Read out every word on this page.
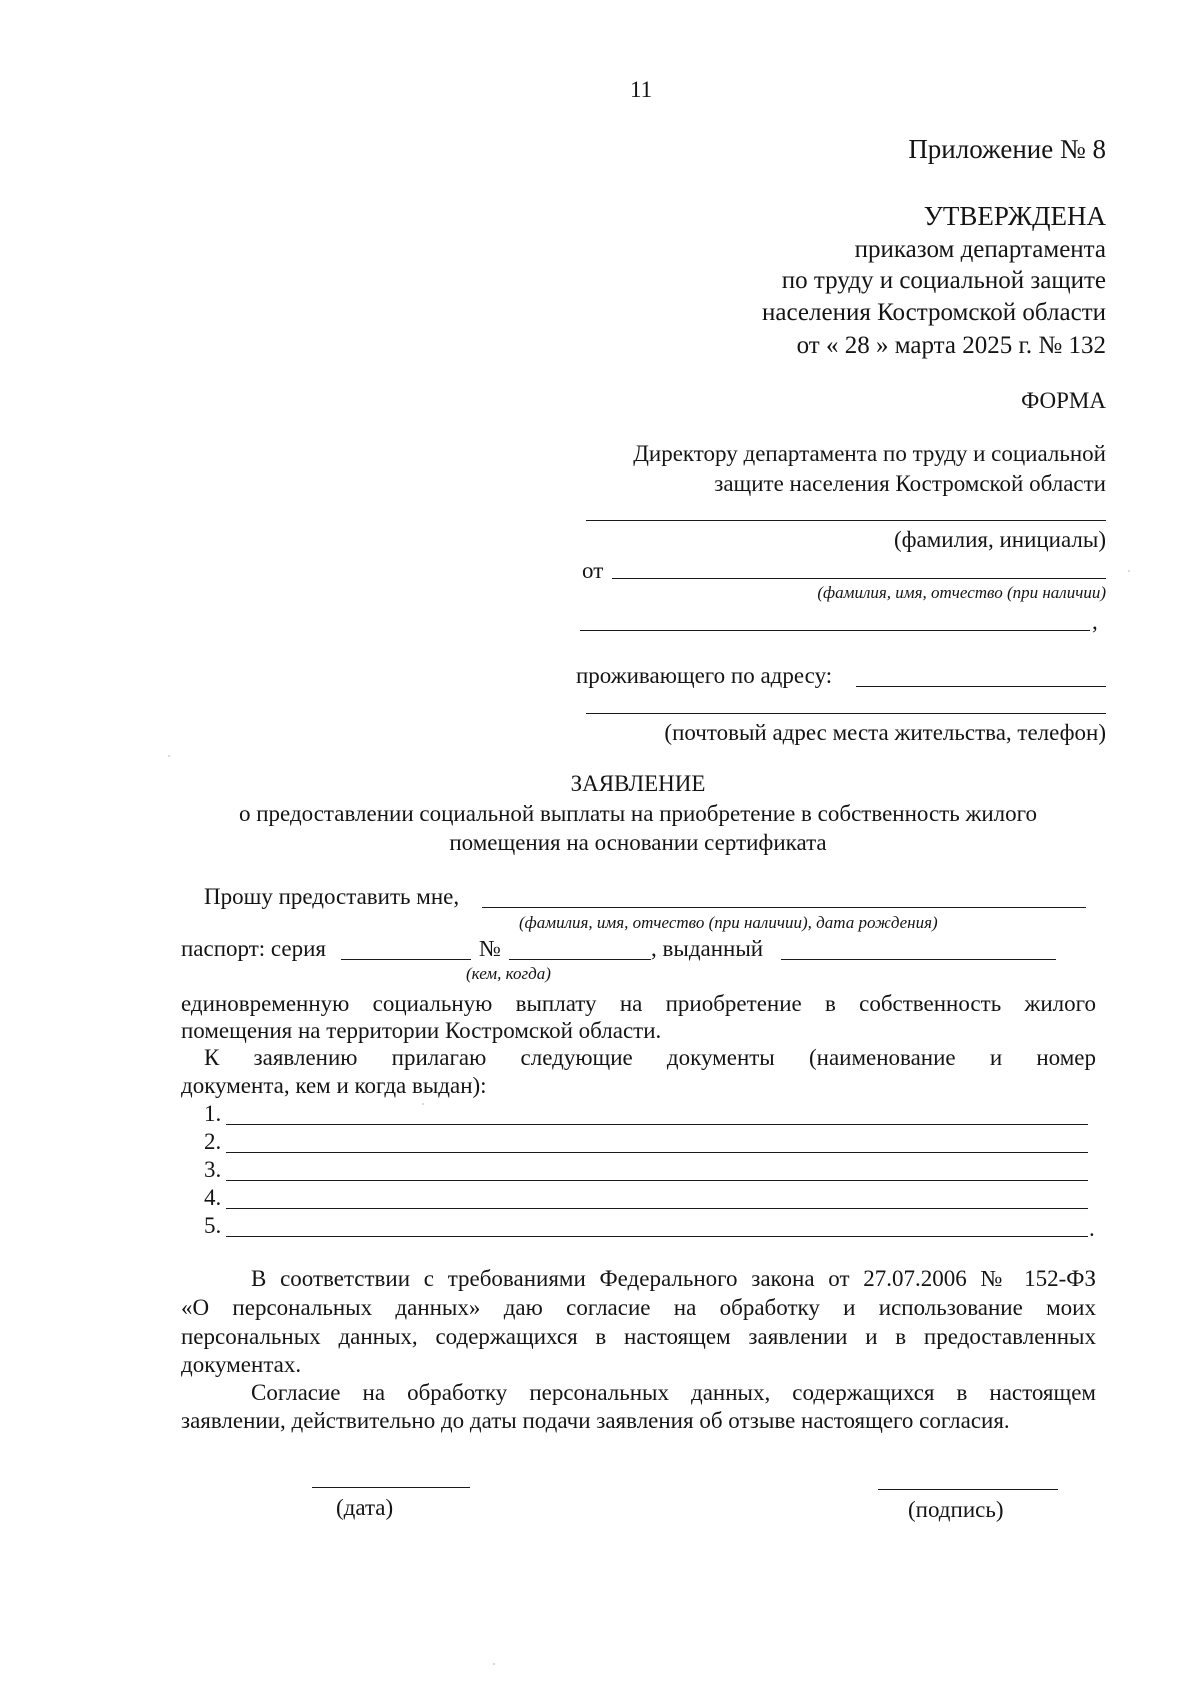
11
Приложение № 8
УТВЕРЖДЕНА
приказом департамента
по труду и социальной защите
населения Костромской области
от « 28 » марта 2025 г. № 132
ФОРМА
Директору департамента по труду и социальной
защите населения Костромской области
(фамилия, инициалы)
от
(фамилия, имя, отчество (при наличии)
,
проживающего по адресу:
(почтовый адрес места жительства, телефон)
ЗАЯВЛЕНИЕ
о предоставлении социальной выплаты на приобретение в собственность жилого
помещения на основании сертификата
Прошу предоставить мне,
(фамилия, имя, отчество (при наличии), дата рождения)
паспорт: серия	№	, выданный
(кем, когда)
единовременную социальную выплату на приобретение в собственность жилого
помещения на территории Костромской области.
К заявлению прилагаю следующие документы (наименование и номер
документа, кем и когда выдан):
1.
2.
3.
4.
5.	.
В соответствии с требованиями Федерального закона от 27.07.2006 № 152-ФЗ
«О персональных данных» даю согласие на обработку и использование моих
персональных данных, содержащихся в настоящем заявлении и в предоставленных
документах.
Согласие на обработку персональных данных, содержащихся в настоящем
заявлении, действительно до даты подачи заявления об отзыве настоящего согласия.
(дата)	(подпись)
